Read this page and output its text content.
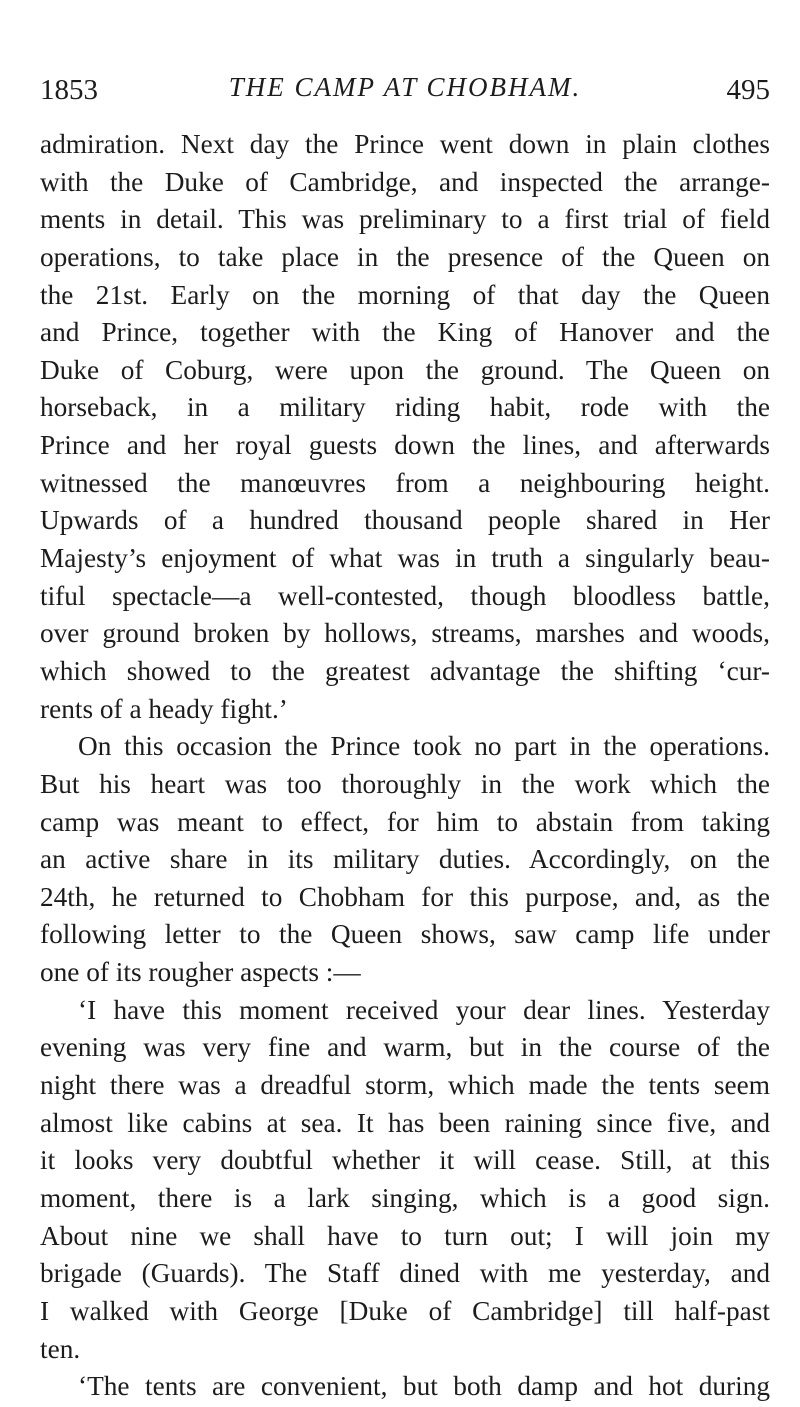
1853	THE CAMP AT CHOBHAM.	495
admiration. Next day the Prince went down in plain clothes
with the Duke of Cambridge, and inspected the arrange-
ments in detail. This was preliminary to a first trial of field
operations, to take place in the presence of the Queen on
the 21st. Early on the morning of that day the Queen
and Prince, together with the King of Hanover and the
Duke of Coburg, were upon the ground. The Queen on
horseback, in a military riding habit, rode with the
Prince and her royal guests down the lines, and afterwards
witnessed the manœuvres from a neighbouring height.
Upwards of a hundred thousand people shared in Her
Majesty’s enjoyment of what was in truth a singularly beau-
tiful spectacle—a well-contested, though bloodless battle,
over ground broken by hollows, streams, marshes and woods,
which showed to the greatest advantage the shifting ‘cur-
rents of a heady fight.’
On this occasion the Prince took no part in the operations.
But his heart was too thoroughly in the work which the
camp was meant to effect, for him to abstain from taking
an active share in its military duties. Accordingly, on the
24th, he returned to Chobham for this purpose, and, as the
following letter to the Queen shows, saw camp life under
one of its rougher aspects :—
‘I have this moment received your dear lines. Yesterday
evening was very fine and warm, but in the course of the
night there was a dreadful storm, which made the tents seem
almost like cabins at sea. It has been raining since five, and
it looks very doubtful whether it will cease. Still, at this
moment, there is a lark singing, which is a good sign.
About nine we shall have to turn out; I will join my
brigade (Guards). The Staff dined with me yesterday, and
I walked with George [Duke of Cambridge] till half-past
ten.
‘The tents are convenient, but both damp and hot during
